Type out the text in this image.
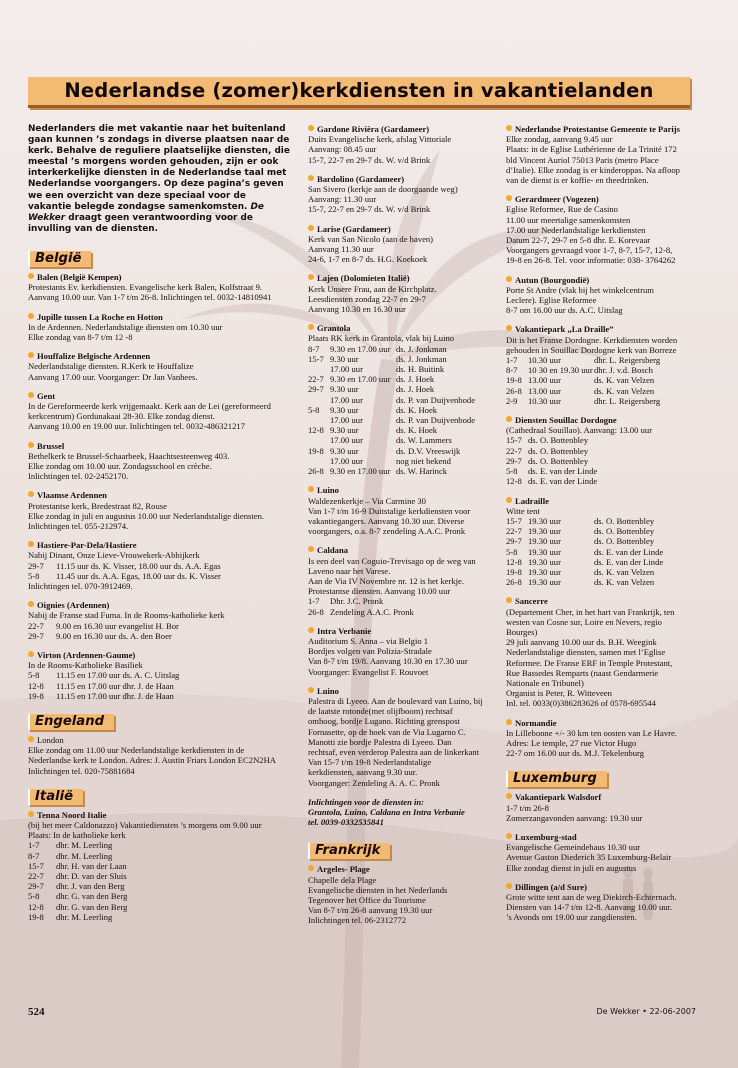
Nederlandse (zomer)kerkdiensten in vakantielanden

Nederlanders die met vakantie naar het buitenland gaan kunnen ’s zondags in diverse plaatsen naar de kerk. Behalve de reguliere plaatselijke diensten, die meestal ’s morgens worden gehouden, zijn er ook interkerkelijke diensten in de Nederlandse taal met Nederlandse voorgangers. Op deze pagina’s geven we een overzicht van deze speciaal voor de vakantie belegde zondagse samenkomsten. De Wekker draagt geen verantwoording voor de invulling van de diensten.

België
Balen (België Kempen)
Protestants Ev. kerkdiensten. Evangelische kerk Balen, Kolfstraat 9.
Aanvang 10.00 uur. Van 1-7 t/m 26-8. Inlichtingen tel. 0032-14810941
Jupille tussen La Roche en Hotton
In de Ardennen. Nederlandstalige diensten om 10.30 uur
Elke zondag van 8-7 t/m 12 -8
Houffalize Belgische Ardennen
Nederlandstalige diensten. R.Kerk te Houffalize
Aanvang 17.00 uur. Voorganger: Dr Jan Vanhees.
Gent
In de Gereformeerde kerk vrijgemaakt. Kerk aan de Lei (gereformeerd
kerkcentrum) Gordunakaai 28-30. Elke zondag dienst.
Aanvang 10.00 en 19.00 uur. Inlichtingen tel. 0032-486321217
Brussel
Bethelkerk te Brussel-Schaarbeek, Haachtsesteenweg 403.
Elke zondag om 10.00 uur. Zondagsschool en crèche.
Inlichtingen tel. 02-2452170.
Vlaamse Ardennen
Protestantse kerk, Bredestraat 82, Rouse
Elke zondag in juli en augustus 10.00 uur Nederlandstalige diensten.
Inlichtingen tel. 055-212974.
Hastiere-Par-Dela/Hastiere
Nabij Dinant, Onze Lieve-Vrouwekerk-Abbijkerk
29-7	11.15 uur ds. K. Visser, 18.00 uur ds. A.A. Egas
5-8	11.45 uur ds. A.A. Egas, 18.00 uur ds. K. Visser
Inlichtingen tel. 070-3912469.
Oignies (Ardennen)
Nabij de Franse stad Fuma. In de Rooms-katholieke kerk
22-7	9.00 en 16.30 uur evangelist H. Bor
29-7	9.00 en 16.30 uur ds. A. den Boer
Virton (Ardennen-Gaume)
In de Rooms-Katholieke Basiliek
5-8	11.15 en 17.00 uur ds. A. C. Uitslag
12-8	11.15 en 17.00 uur dhr. J. de Haan
19-8	11.15 en 17.00 uur dhr. J. de Haan
Engeland
London
Elke zondag om 11.00 uur Nederlandstalige kerkdiensten in de
Nederlandse kerk te London. Adres: J. Austin Friars London EC2N2HA
Inlichtingen tel. 020-75881684
Italië
Tenna Noord Italie
(bij het meer Caldonazzo) Vakantiediensten ’s morgens om 9.00 uur
Plaats: In de katholieke kerk
1-7	dhr. M. Leerling
8-7	dhr. M. Leerling
15-7	dhr. H. van der Laan
22-7	dhr. D. van der Sluis
29-7	dhr. J. van den Berg
5-8	dhr. G. van den Berg
12-8	dhr. G. van den Berg
19-8	dhr. M. Leerling
Gardone Rivièra (Gardameer)
Duits Evangelische kerk, afslag Vittoriale
Aanvang: 08.45 uur
15-7, 22-7 en 29-7 ds. W. v/d Brink
Bardolino (Gardameer)
San Sivero (kerkje aan de doorgaande weg)
Aanvang: 11.30 uur
15-7, 22-7 en 29-7 ds. W. v/d Brink
Larise (Gardameer)
Kerk van San Nicolo (aan de haven)
Aanvang 11.30 uur
24-6, 1-7 en 8-7 ds. H.G. Koekoek
Lajen (Dolomieten Italië)
Kerk Unsere Frau, aan de Kirchplatz.
Leesdiensten zondag 22-7 en 29-7
Aanvang 10.30 en 16.30 uur
Grantola
Plaats RK kerk in Grantola, vlak bij Luino
8-7	9.30 en 17.00 uur ds. J. Jonkman
15-7 9.30 uur	ds. J. Jonkman
17.00 uur	ds. H. Buitink
22-7 9.30 en 17.00 uur ds. J. Hoek
29-7 9.30 uur	ds. J. Hoek
17.00 uur	ds. P. van Duijvenbode
5-8	9.30 uur	ds. K. Hoek
17.00 uur	ds. P. van Duijvenbode
12-8 9.30 uur	ds. K. Hoek
17.00 uur	ds. W. Lammers
19-8 9.30 uur	ds. D.V. Vreeswijk
17.00 uur	nog niet bekend
26-8 9.30 en 17.00 uur ds. W. Harinck
Luino
Waldezenkerkje – Via Carmine 30
Van 1-7 t/m 16-9 Duitstalige kerkdiensten voor
vakantiegangers. Aanvang 10.30 uur. Diverse
voorgangers, o.a. 8-7 zendeling A.A.C. Pronk
Caldana
Is een deel van Coguio-Trevisago op de weg van
Laveno naar het Varese.
Aan de Via IV Novembre nr. 12 is het kerkje.
Protestantse diensten. Aanvang 10.00 uur
1-7	Dhr. J.C. Pronk
26-8 Zendeling A.A.C. Pronk
Intra Verbanie
Auditorium S. Anna – via Belgio 1
Bordjes volgen van Polizia-Stradale
Van 8-7 t/m 19/8. Aanvang 10.30 en 17.30 uur
Voorganger: Evangelist F. Rouvoet
Luino
Palestra di Lyeeo. Aan de boulevard van Luino, bij
de laatste rotonde(met olijfboom) rechtsaf
omhoog, bordje Lugano. Richting grenspost
Fornasette, op de hoek van de Via Lugarno C.
Manotti zie bordje Palestra di Lyeeo. Dan
rechtsaf, even verderop Palestra aan de linkerkant
Van 15-7 t/m 19-8 Nederlandstalige
kerkdiensten, aanvang 9.30 uur.
Voorganger: Zendeling A. A. C. Pronk
Inlichtingen voor de diensten in:
Grantola, Luino, Caldana en Intra Verbanie
tel. 0039-0332535841
Frankrijk
Argeles- Plage
Chapelle dela Plage
Evangelische diensten in het Nederlands
Tegenover het Office du Tourisme
Van 8-7 t/m 26-8 aanvang 19.30 uur
Inlichtingen tel. 06-2312772
Nederlandse Protestantse Gemeente te Parijs
Elke zondag, aanvang 9.45 uur
Plaats: in de Eglise Luthérienne de La Trinité 172
bld Vincent Auriol 75013 Paris (metro Place
d’Italie). Elke zondag is er kinderoppas. Na afloop
van de dienst is er koffie- en theedrinken.
Gerardmeer (Vogezen)
Eglise Reformee, Rue de Casino
11.00 uur meertalige samenkomsten
17.00 uur Nederlandstalige kerkdiensten
Datum 22-7, 29-7 en 5-8 dhr. E. Korevaar
Voorgangers gevraagd voor 1-7, 8-7, 15-7, 12-8,
19-8 en 26-8. Tel. voor informatie: 038- 3764262
Autun (Bourgondië)
Porte St Andre (vlak bij het winkelcentrum
Leclere). Eglise Reformee
8-7 om 16.00 uur ds. A.C. Uitslag
Vakantiepark „La Draille”
Dit is het Franse Dordogne. Kerkdiensten worden
gehouden in Souillac Dordogne kerk van Borreze
1-7	10.30 uur	dhr. L. Reigersberg
8-7	10 30 en 19.30 uur dhr. J. v.d. Bosch
19-8 13.00 uur	ds. K. van Velzen
26-8 13.00 uur	ds. K. van Velzen
2-9	10.30 uur	dhr. L. Reigersberg
Diensten Souillac Dordogne
(Cathedraal Souillao). Aanvang: 13.00 uur
15-7 ds. O. Bottenbley
22-7 ds. O. Bottenbley
29-7 ds. O. Bottenbley
5-8	ds. E. van der Linde
12-8 ds. E. van der Linde
Ladraille
Witte tent
15-7 19.30 uur	ds. O. Bottenbley
22-7 19.30 uur	ds. O. Bottenbley
29-7 19.30 uur	ds. O. Bottenbley
5-8	19.30 uur	ds. E. van der Linde
12-8 19.30 uur	ds. E. van der Linde
19-8 19.30 uur	ds. K. van Velzen
26-8 19.30 uur	ds. K. van Velzen
Sancerre
(Departement Cher, in het hart van Frankrijk, ten
westen van Cosne sur, Loire en Nevers, regio
Bourges)
29 juli aanvang 10.00 uur ds. B.H. Weegink
Nederlandstalige diensten, samen met l’Eglise
Reformee. De Franse ERF in Temple Protestant,
Rue Bassedes Remparts (naast Gendarmerie
Nationale en Tribunel)
Organist is Peter, R. Witteveen
Inl. tel. 0033(0)386283626 of 0578-695544
Normandie
In Lillebonne +/- 30 km ten oosten van Le Havre.
Adres: Le temple, 27 rue Victor Hugo
22-7 om 16.00 uur ds. M.J. Tekelenburg
Luxemburg
Vakantiepark Walsdorf
1-7 t/m 26-8
Zomerzangavonden aanvang: 19.30 uur
Luxemburg-stad
Evangelische Gemeindehaus 10.30 uur
Avenue Gaston Diederich 35 Luxemburg-Belair
Elke zondag dienst in juli en augustus
Dillingen (a/d Sure)
Grote witte tent aan de weg Diekirch-Echternach.
Diensten van 14-7 t/m 12-8. Aanvang 10.00 uur.
’s Avonds om 19.00 uur zangdiensten.
524	De Wekker • 22-06-2007
